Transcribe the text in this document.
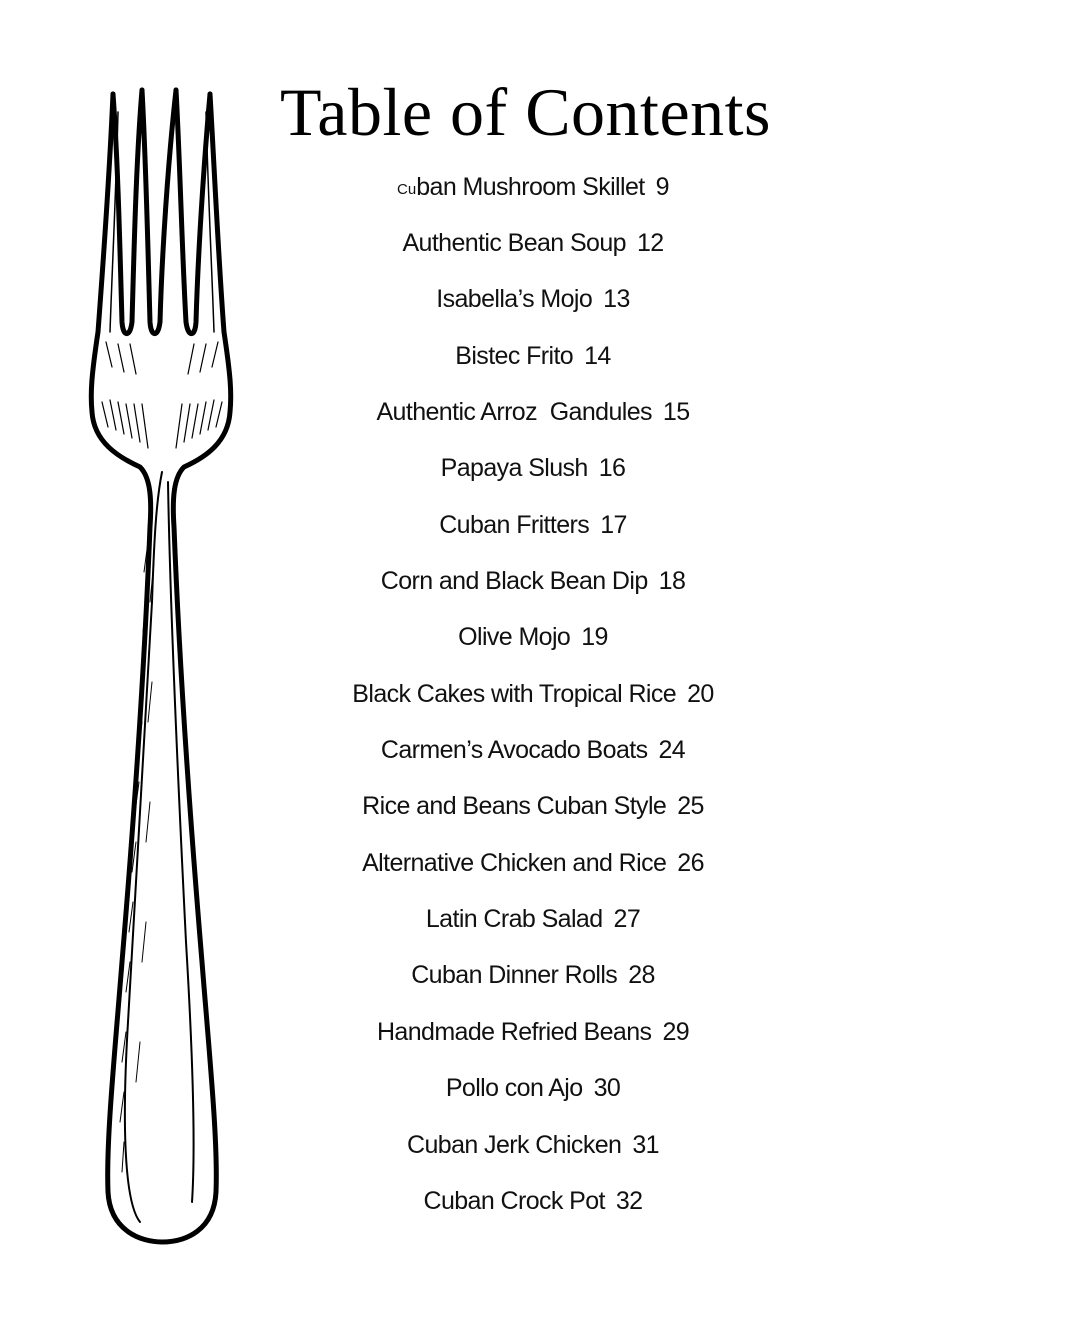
Table of Contents
Cu ban Mushroom Skillet 9
Authentic Bean Soup 12
Isabella’s Mojo 13
Bistec Frito 14
Authentic Arroz  Gandules 15
Papaya Slush 16
Cuban Fritters 17
Corn and Black Bean Dip 18
Olive Mojo 19
Black Cakes with Tropical Rice 20
Carmen’s Avocado Boats 24
Rice and Beans Cuban Style 25
Alternative Chicken and Rice 26
Latin Crab Salad 27
Cuban Dinner Rolls 28
Handmade Refried Beans 29
Pollo con Ajo 30
Cuban Jerk Chicken 31
Cuban Crock Pot 32
